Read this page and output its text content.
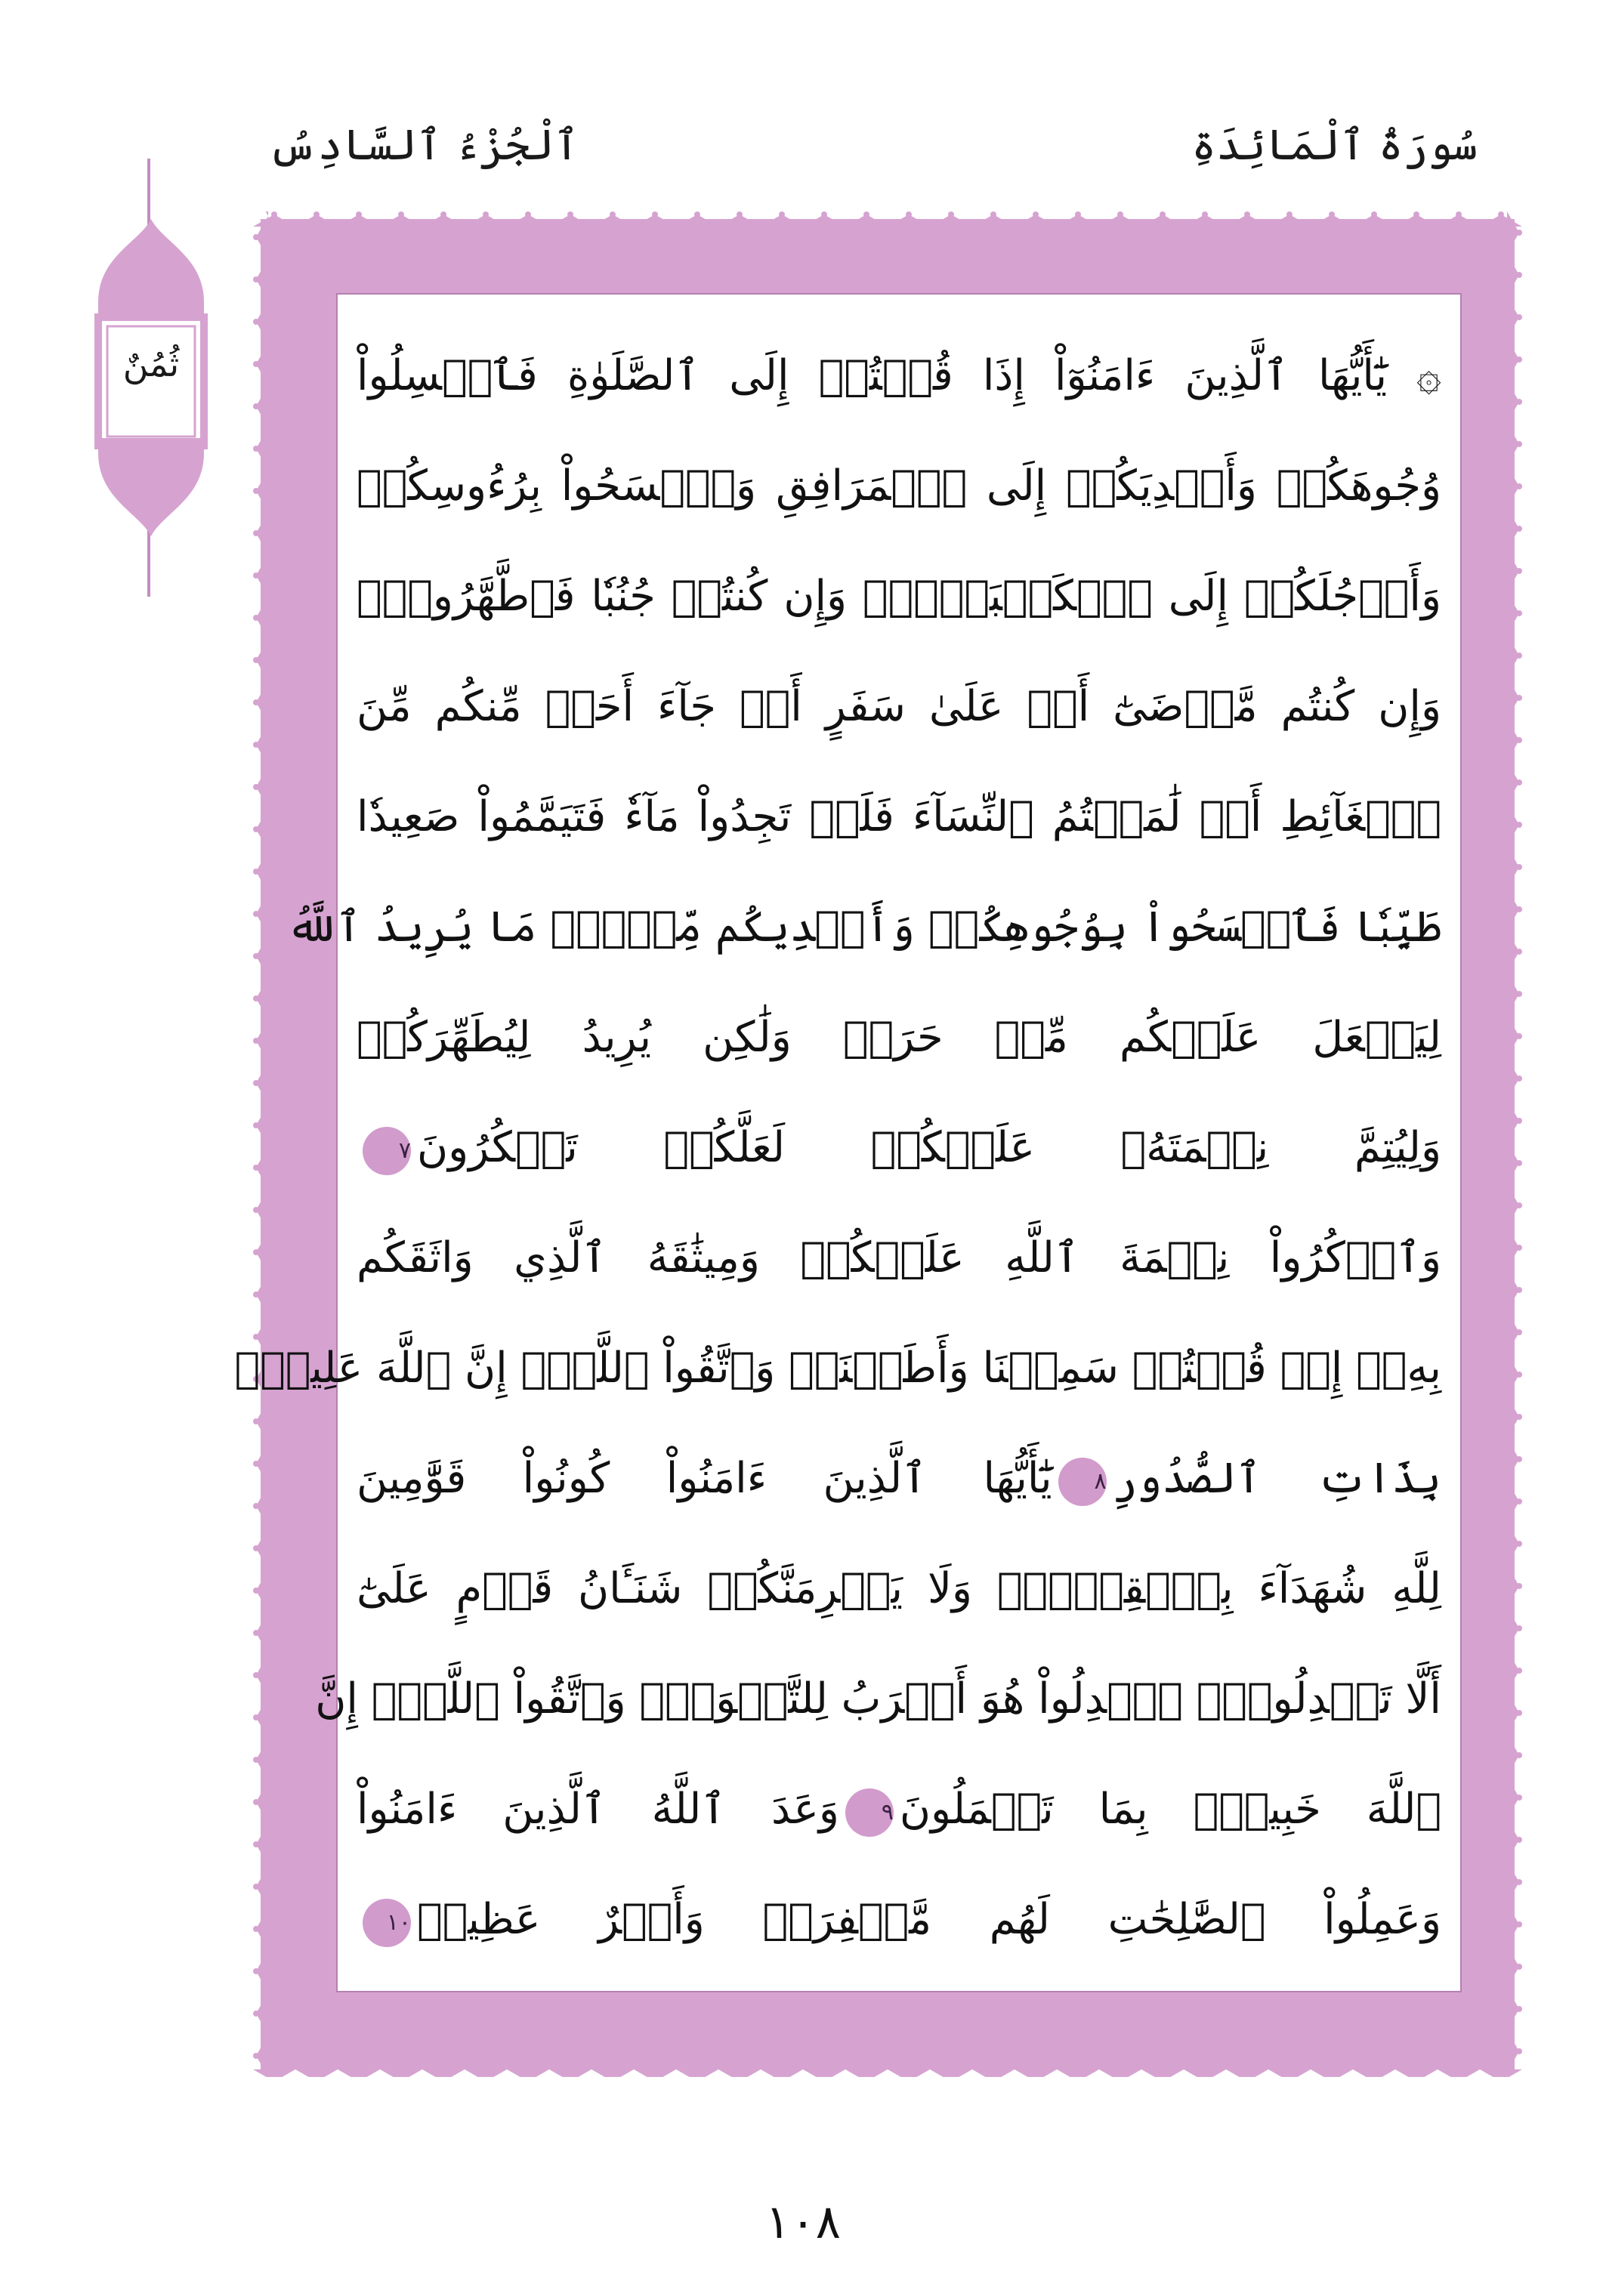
سُورَةُ ٱلْمَائِدَةِ
ٱلْجُزْءُ ٱلسَّادِسُ
ثُمُنٌ	۞ يَٰٓأَيُّهَا ٱلَّذِينَ ءَامَنُوٓاْ إِذَا قُمۡتُمۡ إِلَى ٱلصَّلَوٰةِ فَٱغۡسِلُواْ
وُجُوهَكُمۡ وَأَيۡدِيَكُمۡ إِلَى ٱلۡمَرَافِقِ وَٱمۡسَحُواْ بِرُءُوسِكُمۡ
وَأَرۡجُلَكُمۡ إِلَى ٱلۡكَعۡبَيۡنِۚ وَإِن كُنتُمۡ جُنُبٗا فَٱطَّهَّرُواْۚ
وَإِن كُنتُم مَّرۡضَىٰٓ أَوۡ عَلَىٰ سَفَرٍ أَوۡ جَآءَ أَحَدٞ مِّنكُم مِّنَ
ٱلۡغَآئِطِ أَوۡ لَٰمَسۡتُمُ ٱلنِّسَآءَ فَلَمۡ تَجِدُواْ مَآءٗ فَتَيَمَّمُواْ صَعِيدٗا
طَيِّبٗا فَٱمۡسَحُواْ بِوُجُوهِكُمۡ وَأَيۡدِيكُم مِّنۡهُۚ مَا يُرِيدُ ٱللَّهُ
لِيَجۡعَلَ عَلَيۡكُم مِّنۡ حَرَجٖ وَلَٰكِن يُرِيدُ لِيُطَهِّرَكُمۡ
وَلِيُتِمَّ نِعۡمَتَهُۥ عَلَيۡكُمۡ لَعَلَّكُمۡ تَشۡكُرُونَ٧
وَٱذۡكُرُواْ نِعۡمَةَ ٱللَّهِ عَلَيۡكُمۡ وَمِيثَٰقَهُ ٱلَّذِي وَاثَقَكُم
بِهِۦٓ إِذۡ قُلۡتُمۡ سَمِعۡنَا وَأَطَعۡنَاۖ وَٱتَّقُواْ ٱللَّهَۚ إِنَّ ٱللَّهَ عَلِيمُۢ
بِذَاتِ ٱلصُّدُورِ٨يَٰٓأَيُّهَا ٱلَّذِينَ ءَامَنُواْ كُونُواْ قَوَّٰمِينَ
لِلَّهِ شُهَدَآءَ بِٱلۡقِسۡطِۖ وَلَا يَجۡرِمَنَّكُمۡ شَنَـَٔانُ قَوۡمٍ عَلَىٰٓ
أَلَّا تَعۡدِلُواْۚ ٱعۡدِلُواْ هُوَ أَقۡرَبُ لِلتَّقۡوَىٰۖ وَٱتَّقُواْ ٱللَّهَۚ إِنَّ
ٱللَّهَ خَبِيرُۢ بِمَا تَعۡمَلُونَ٩وَعَدَ ٱللَّهُ ٱلَّذِينَ ءَامَنُواْ
وَعَمِلُواْ ٱلصَّٰلِحَٰتِ لَهُم مَّغۡفِرَةٞ وَأَجۡرٌ عَظِيمٞ١٠
١٠٨
